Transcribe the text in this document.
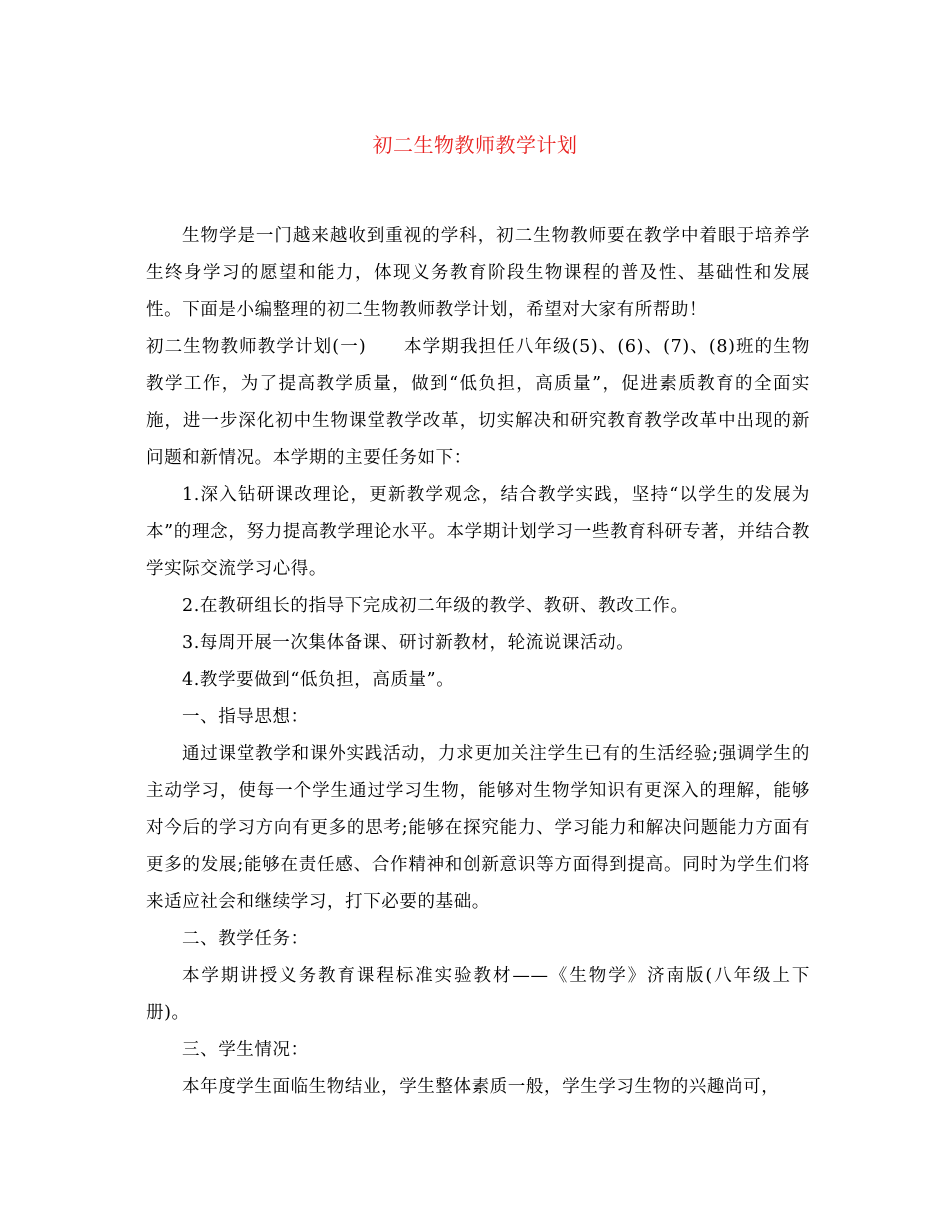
初二生物教师教学计划

生物学是一门越来越收到重视的学科，初二生物教师要在教学中着眼于培养学生终身学习的愿望和能力，体现义务教育阶段生物课程的普及性、基础性和发展性。下面是小编整理的初二生物教师教学计划，希望对大家有所帮助！

初二生物教师教学计划(一)　　本学期我担任八年级(5)、(6)、(7)、(8)班的生物教学工作，为了提高教学质量，做到“低负担，高质量”，促进素质教育的全面实施，进一步深化初中生物课堂教学改革，切实解决和研究教育教学改革中出现的新问题和新情况。本学期的主要任务如下：

1.深入钻研课改理论，更新教学观念，结合教学实践，坚持“以学生的发展为本”的理念，努力提高教学理论水平。本学期计划学习一些教育科研专著，并结合教学实际交流学习心得。

2.在教研组长的指导下完成初二年级的教学、教研、教改工作。

3.每周开展一次集体备课、研讨新教材，轮流说课活动。

4.教学要做到“低负担，高质量”。

一、指导思想：

通过课堂教学和课外实践活动，力求更加关注学生已有的生活经验;强调学生的主动学习，使每一个学生通过学习生物，能够对生物学知识有更深入的理解，能够对今后的学习方向有更多的思考;能够在探究能力、学习能力和解决问题能力方面有更多的发展;能够在责任感、合作精神和创新意识等方面得到提高。同时为学生们将来适应社会和继续学习，打下必要的基础。

二、教学任务：

本学期讲授义务教育课程标准实验教材——《生物学》济南版(八年级上下册)。

三、学生情况：

本年度学生面临生物结业，学生整体素质一般，学生学习生物的兴趣尚可，
